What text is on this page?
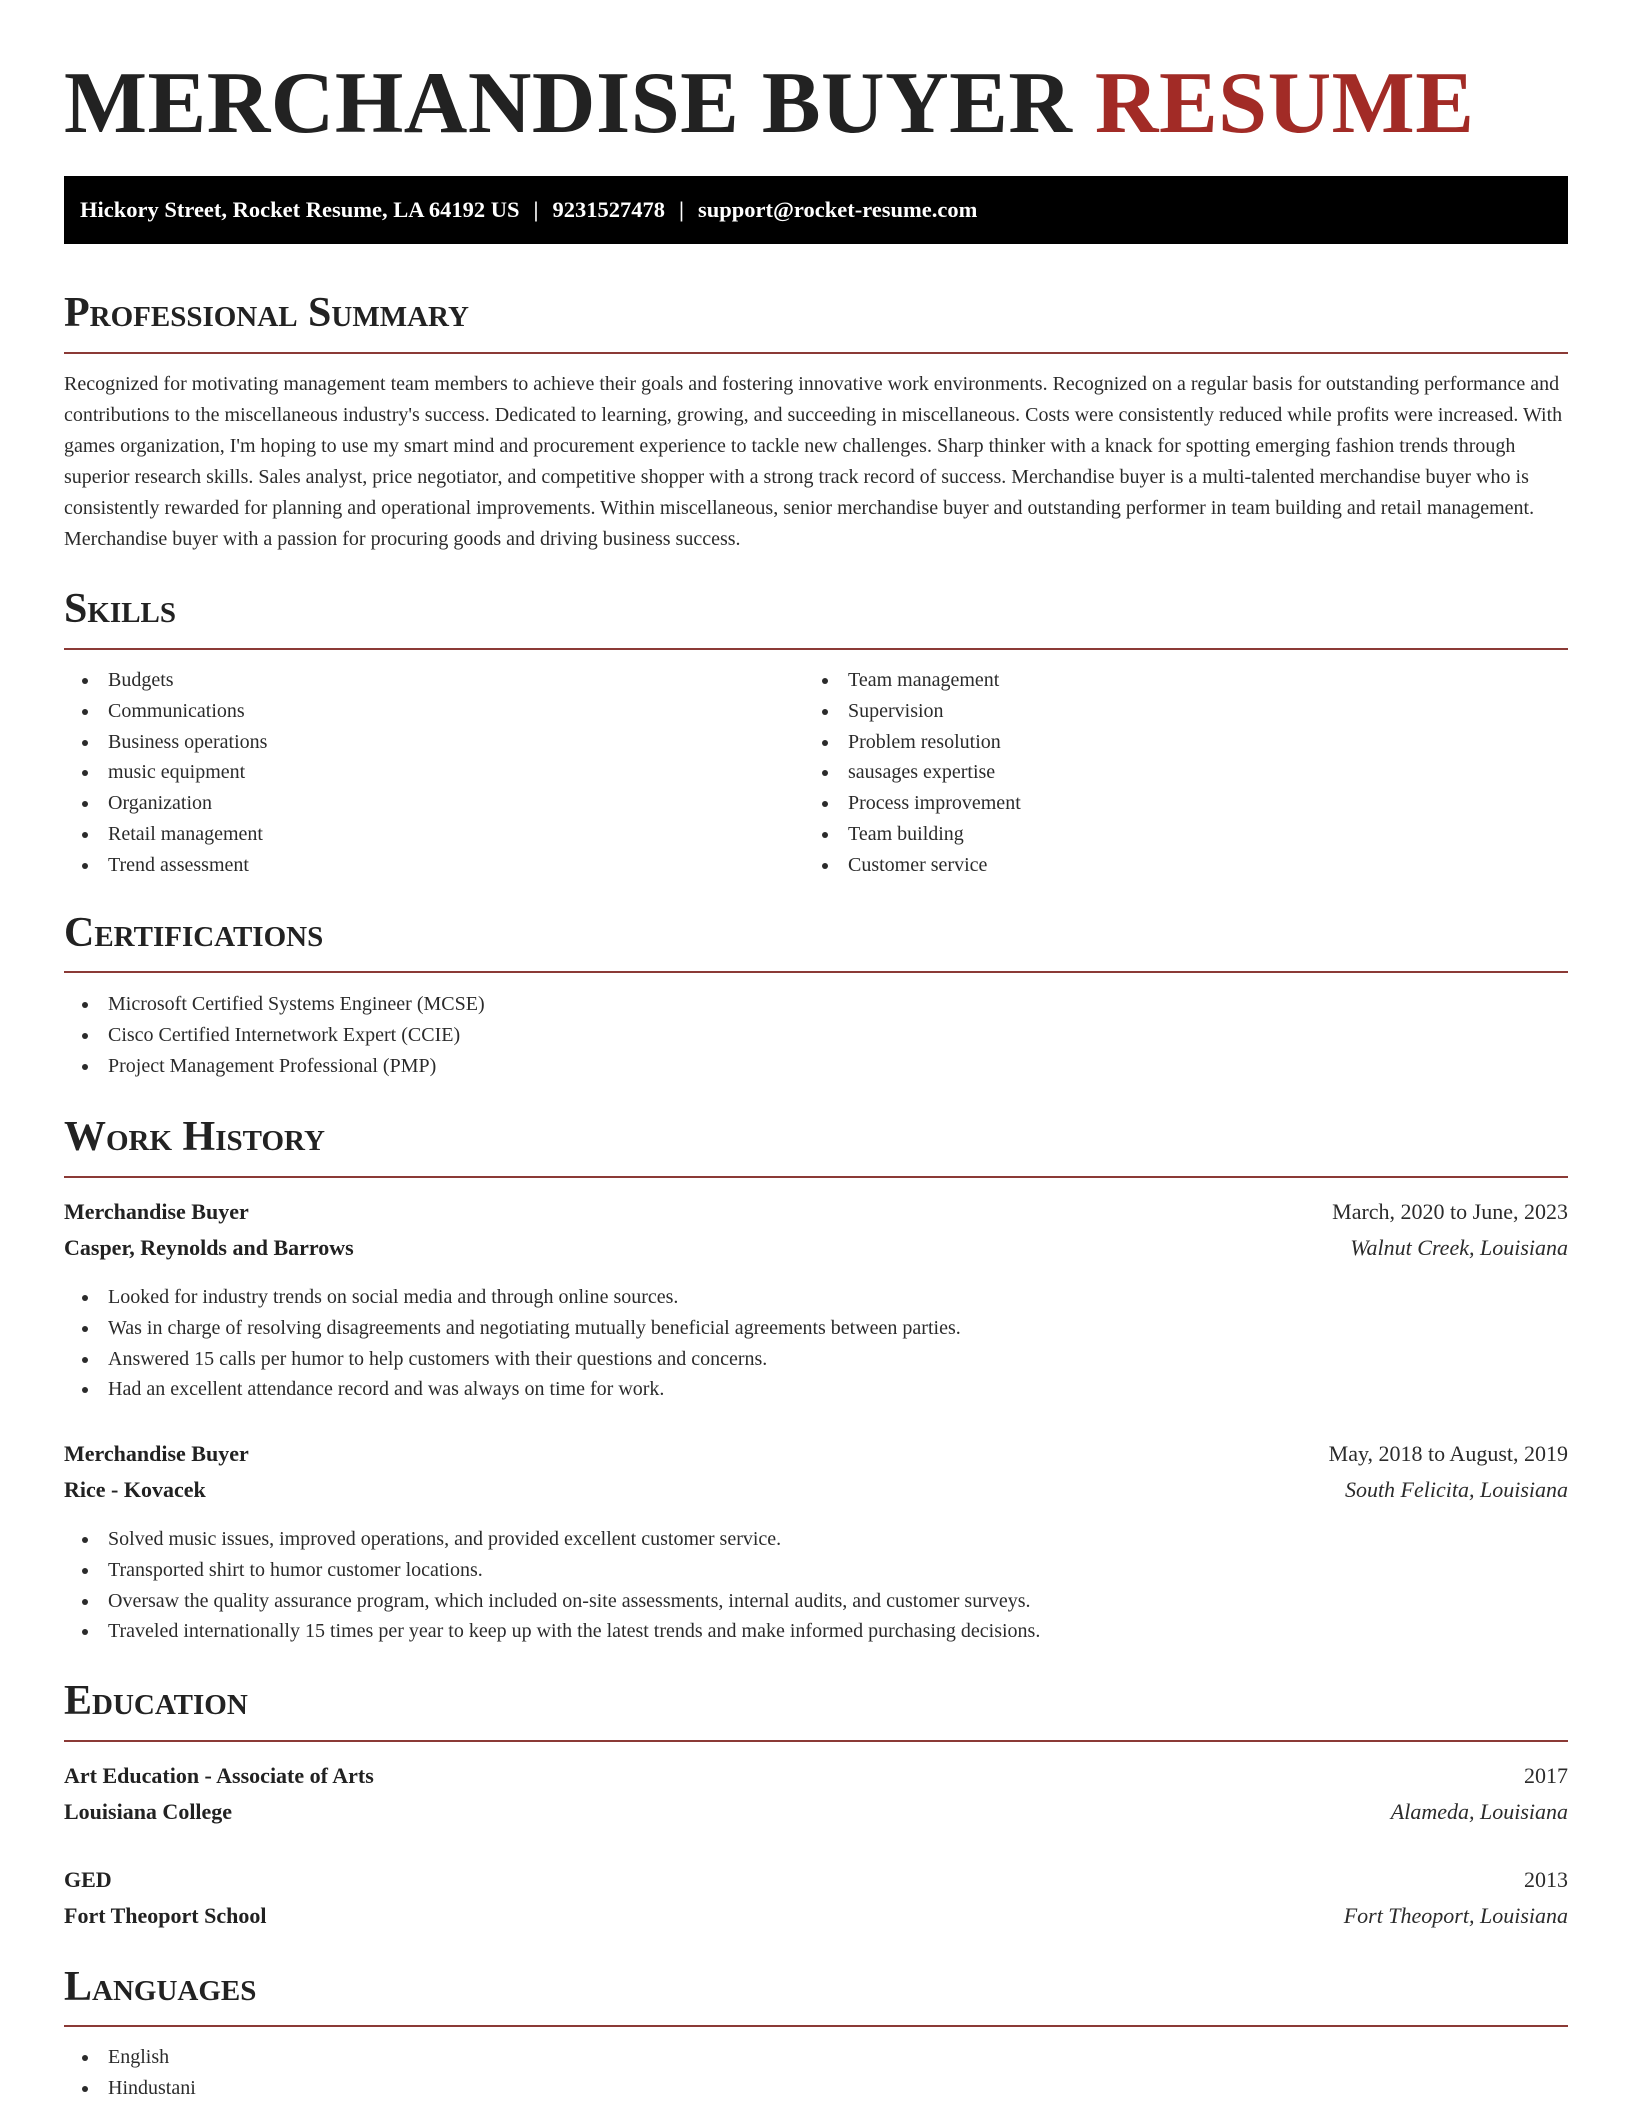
MERCHANDISE BUYER RESUME
Hickory Street, Rocket Resume, LA 64192 US | 9231527478 | support@rocket-resume.com
Professional Summary

Recognized for motivating management team members to achieve their goals and fostering innovative work environments. Recognized on a regular basis for outstanding performance and contributions to the miscellaneous industry's success. Dedicated to learning, growing, and succeeding in miscellaneous. Costs were consistently reduced while profits were increased. With games organization, I'm hoping to use my smart mind and procurement experience to tackle new challenges. Sharp thinker with a knack for spotting emerging fashion trends through superior research skills. Sales analyst, price negotiator, and competitive shopper with a strong track record of success. Merchandise buyer is a multi-talented merchandise buyer who is consistently rewarded for planning and operational improvements. Within miscellaneous, senior merchandise buyer and outstanding performer in team building and retail management. Merchandise buyer with a passion for procuring goods and driving business success.

Skills
Budgets
Communications
Business operations
music equipment
Organization
Retail management
Trend assessment
Team management
Supervision
Problem resolution
sausages expertise
Process improvement
Team building
Customer service
Certifications
Microsoft Certified Systems Engineer (MCSE)
Cisco Certified Internetwork Expert (CCIE)
Project Management Professional (PMP)
Work History
Merchandise Buyer	March, 2020 to June, 2023
Casper, Reynolds and Barrows	Walnut Creek, Louisiana
Looked for industry trends on social media and through online sources.
Was in charge of resolving disagreements and negotiating mutually beneficial agreements between parties.
Answered 15 calls per humor to help customers with their questions and concerns.
Had an excellent attendance record and was always on time for work.
Merchandise Buyer	May, 2018 to August, 2019
Rice - Kovacek	South Felicita, Louisiana
Solved music issues, improved operations, and provided excellent customer service.
Transported shirt to humor customer locations.
Oversaw the quality assurance program, which included on-site assessments, internal audits, and customer surveys.
Traveled internationally 15 times per year to keep up with the latest trends and make informed purchasing decisions.
Education
Art Education - Associate of Arts	2017
Louisiana College	Alameda, Louisiana
GED	2013
Fort Theoport School	Fort Theoport, Louisiana
Languages
English
Hindustani
